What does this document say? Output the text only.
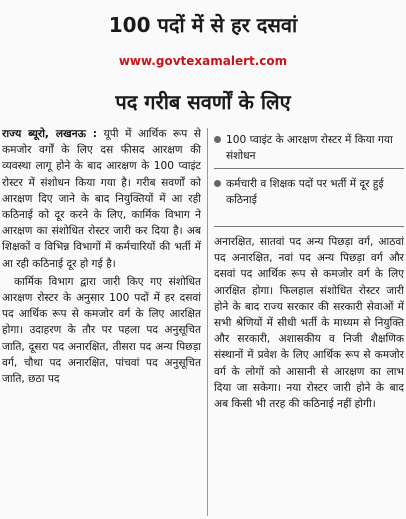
100 पदों में से हर दसवां
www.govtexamalert.com
पद गरीब सवर्णों के लिए

राज्य ब्यूरो, लखनऊ : यूपी में आर्थिक रूप से कमजोर वर्गों के लिए दस फीसद आरक्षण की व्यवस्था लागू होने के बाद आरक्षण के 100 प्वाइंट रोस्टर में संशोधन किया गया है। गरीब सवर्णों को आरक्षण दिए जाने के बाद नियुक्तियों में आ रही कठिनाई को दूर करने के लिए, कार्मिक विभाग ने आरक्षण का संशोधित रोस्टर जारी कर दिया है। अब शिक्षकों व विभिन्न विभागों में कर्मचारियों की भर्ती में आ रही कठिनाई दूर हो गई है।

कार्मिक विभाग द्वारा जारी किए गए संशोधित आरक्षण रोस्टर के अनुसार 100 पदों में हर दसवां पद आर्थिक रूप से कमजोर वर्ग के लिए आरक्षित होगा। उदाहरण के तौर पर पहला पद अनुसूचित जाति, दूसरा पद अनारक्षित, तीसरा पद अन्य पिछड़ा वर्ग, चौथा पद अनारक्षित, पांचवां पद अनुसूचित जाति, छठा पद

100 प्वाइंट के आरक्षण रोस्टर में किया गया संशोधन
कर्मचारी व शिक्षक पदों पर भर्ती में दूर हुई कठिनाई

अनारक्षित, सातवां पद अन्य पिछड़ा वर्ग, आठवां पद अनारक्षित, नवां पद अन्य पिछड़ा वर्ग और दसवां पद आर्थिक रूप से कमजोर वर्ग के लिए आरक्षित होगा। फिलहाल संशोधित रोस्टर जारी होने के बाद राज्य सरकार की सरकारी सेवाओं में सभी श्रेणियों में सीधी भर्ती के माध्यम से नियुक्ति और सरकारी, अशासकीय व निजी शैक्षणिक संस्थानों में प्रवेश के लिए आर्थिक रूप से कमजोर वर्ग के लोगों को आसानी से आरक्षण का लाभ दिया जा सकेगा। नया रोस्टर जारी होने के बाद अब किसी भी तरह की कठिनाई नहीं होगी।
